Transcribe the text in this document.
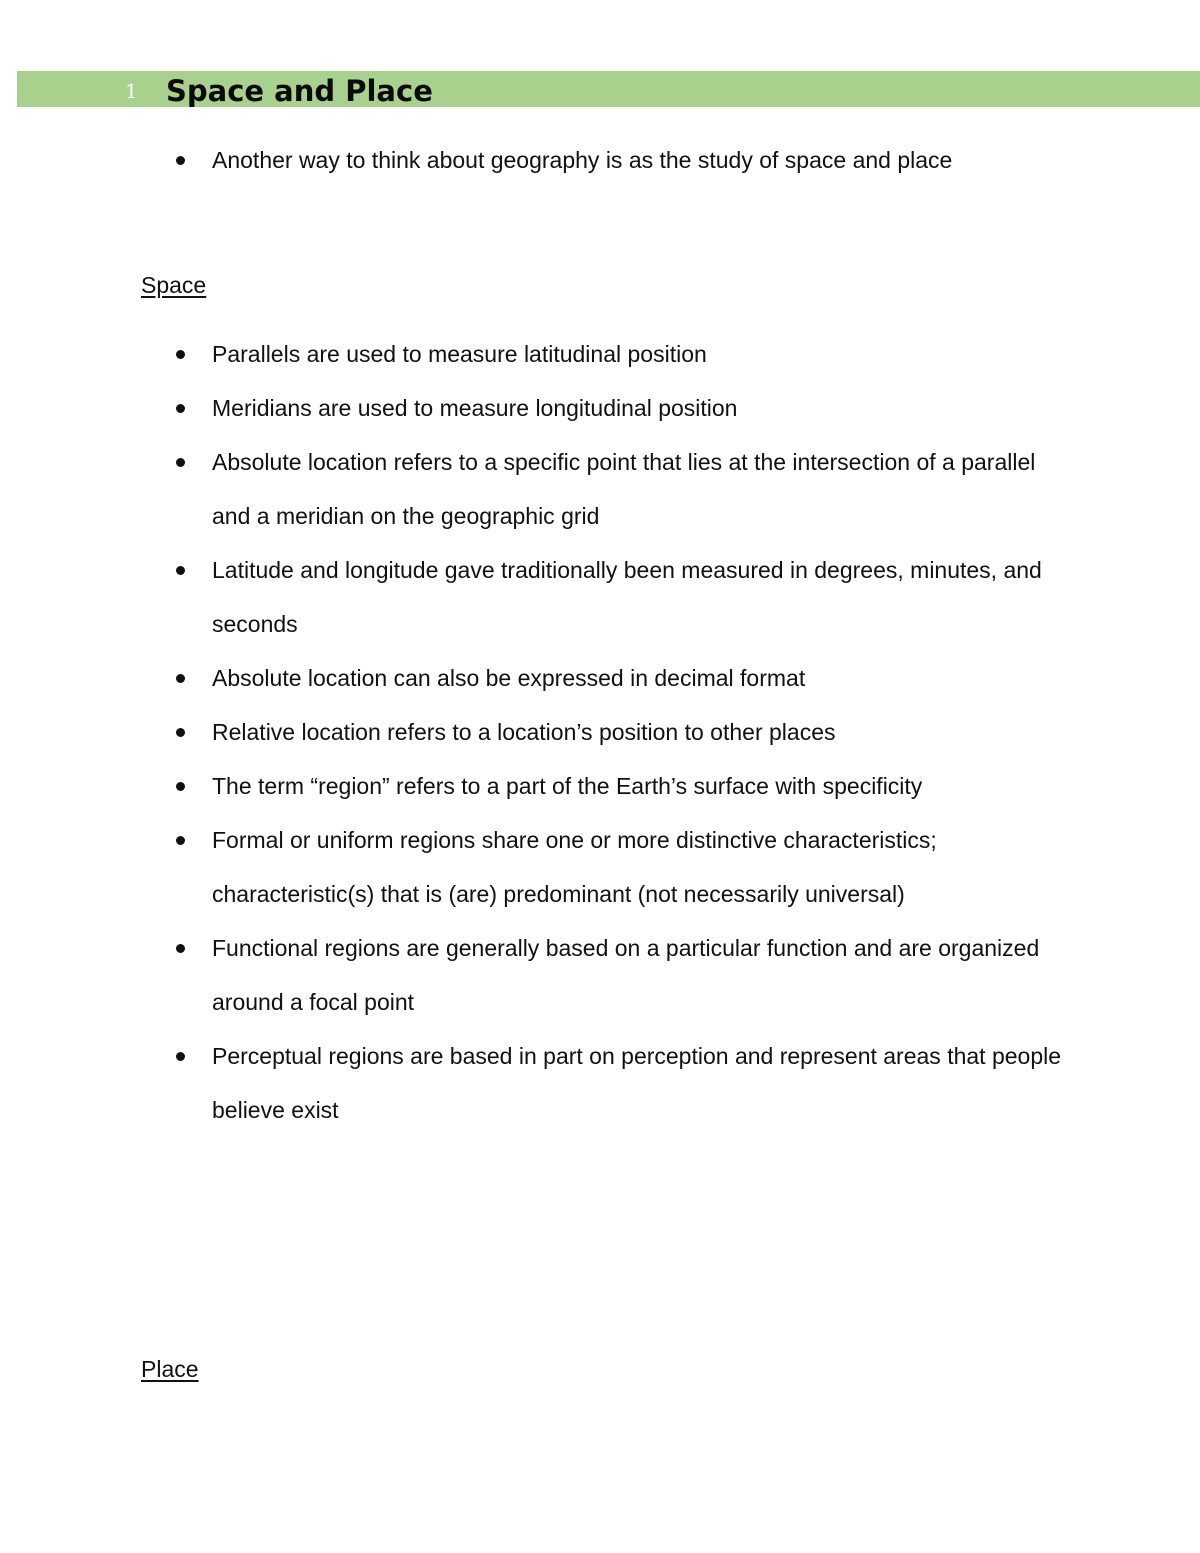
1 Space and Place
Another way to think about geography is as the study of space and place
Space
Parallels are used to measure latitudinal position
Meridians are used to measure longitudinal position
Absolute location refers to a specific point that lies at the intersection of a parallel and a meridian on the geographic grid
Latitude and longitude gave traditionally been measured in degrees, minutes, and seconds
Absolute location can also be expressed in decimal format
Relative location refers to a location’s position to other places
The term “region” refers to a part of the Earth’s surface with specificity
Formal or uniform regions share one or more distinctive characteristics; characteristic(s) that is (are) predominant (not necessarily universal)
Functional regions are generally based on a particular function and are organized around a focal point
Perceptual regions are based in part on perception and represent areas that people believe exist
Place
